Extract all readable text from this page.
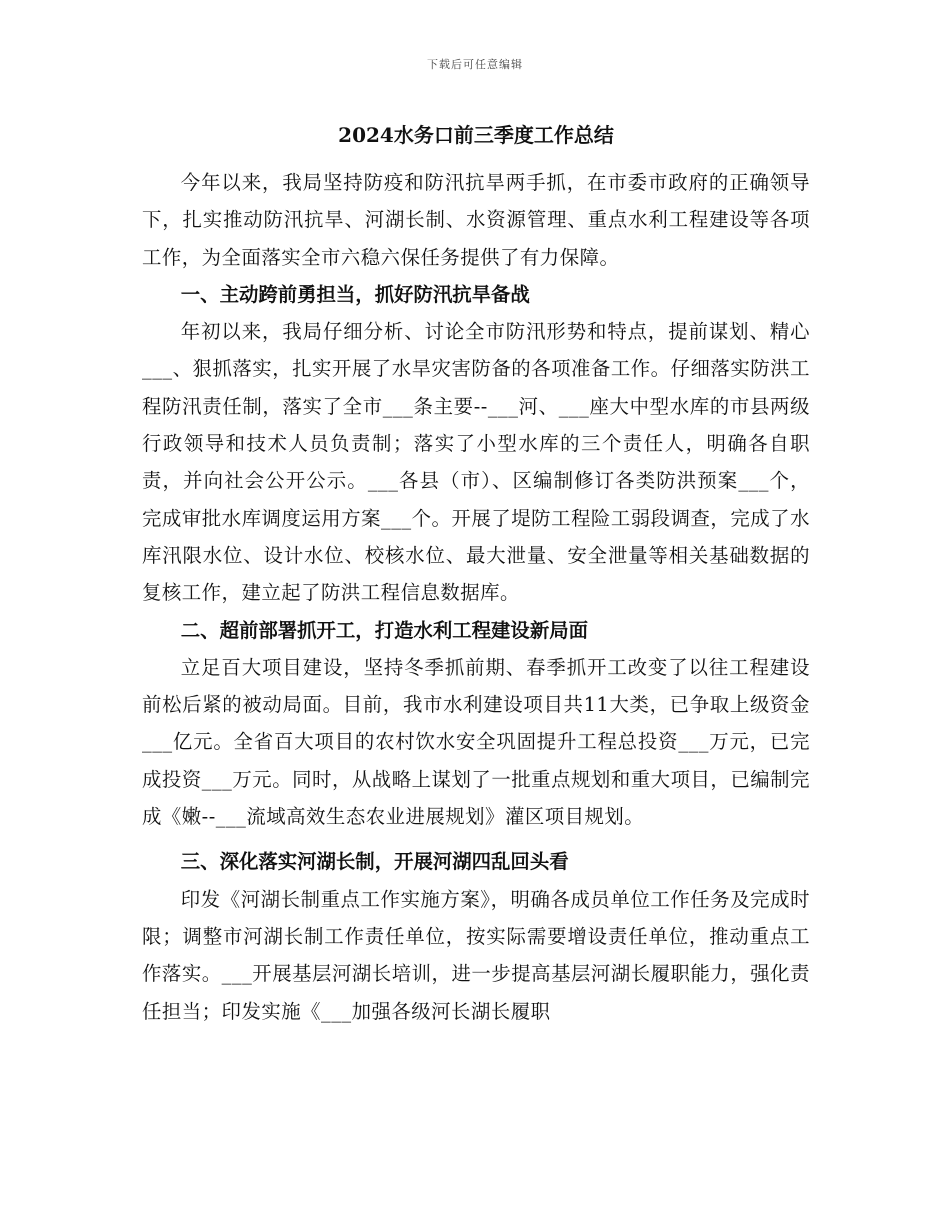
下载后可任意编辑
2024水务口前三季度工作总结

今年以来，我局坚持防疫和防汛抗旱两手抓，在市委市政府的正确领导下，扎实推动防汛抗旱、河湖长制、水资源管理、重点水利工程建设等各项工作，为全面落实全市六稳六保任务提供了有力保障。

一、主动跨前勇担当，抓好防汛抗旱备战

年初以来，我局仔细分析、讨论全市防汛形势和特点，提前谋划、精心___、狠抓落实，扎实开展了水旱灾害防备的各项准备工作。仔细落实防洪工程防汛责任制，落实了全市___条主要--___河、___座大中型水库的市县两级行政领导和技术人员负责制；落实了小型水库的三个责任人，明确各自职责，并向社会公开公示。___各县（市）、区编制修订各类防洪预案___个，完成审批水库调度运用方案___个。开展了堤防工程险工弱段调查，完成了水库汛限水位、设计水位、校核水位、最大泄量、安全泄量等相关基础数据的复核工作，建立起了防洪工程信息数据库。

二、超前部署抓开工，打造水利工程建设新局面

立足百大项目建设，坚持冬季抓前期、春季抓开工改变了以往工程建设前松后紧的被动局面。目前，我市水利建设项目共11大类，已争取上级资金___亿元。全省百大项目的农村饮水安全巩固提升工程总投资___万元，已完成投资___万元。同时，从战略上谋划了一批重点规划和重大项目，已编制完成《嫩--___流域高效生态农业进展规划》灌区项目规划。

三、深化落实河湖长制，开展河湖四乱回头看

印发《河湖长制重点工作实施方案》，明确各成员单位工作任务及完成时限；调整市河湖长制工作责任单位，按实际需要增设责任单位，推动重点工作落实。___开展基层河湖长培训，进一步提高基层河湖长履职能力，强化责任担当；印发实施《___加强各级河长湖长履职
